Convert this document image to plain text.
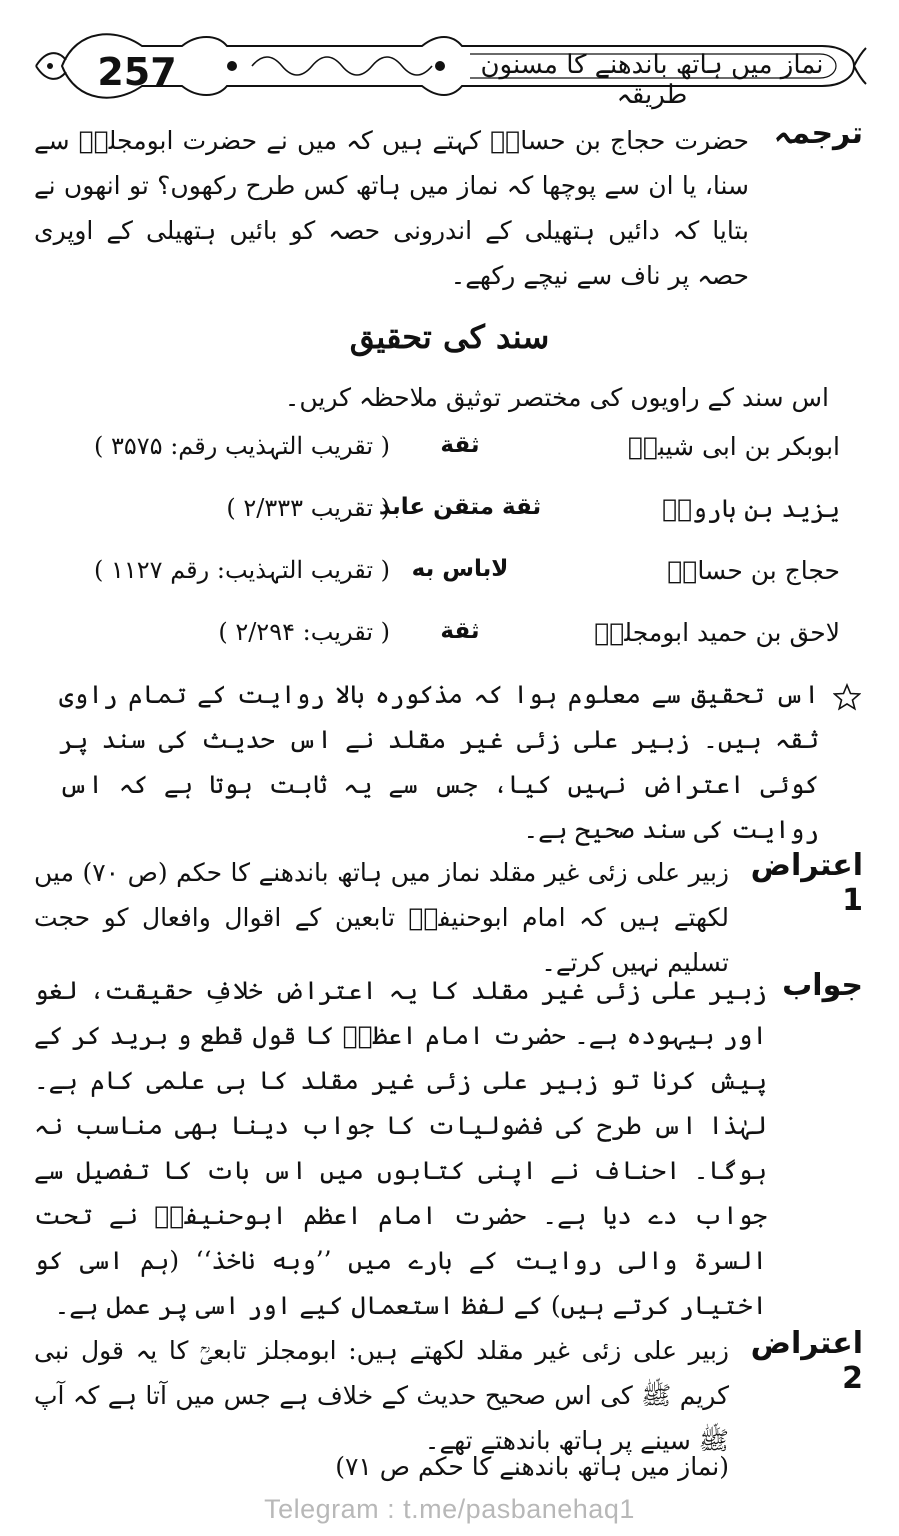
257	نماز میں ہاتھ باندھنے کا مسنون طریقہ
ترجمہ
حضرت حجاج بن حسانؒ کہتے ہیں کہ میں نے حضرت ابومجلزؒ سے سنا، یا ان سے پوچھا کہ نماز میں ہاتھ کس طرح رکھوں؟ تو انھوں نے بتایا کہ دائیں ہتھیلی کے اندرونی حصہ کو بائیں ہتھیلی کے اوپری حصہ پر ناف سے نیچے رکھے۔
سند کی تحقیق
اس سند کے راویوں کی مختصر توثیق ملاحظہ کریں۔
ابوبکر بن ابی شیبہؒ
ثقة
( تقریب التہذیب رقم: ۳۵۷۵ )
یزید بن ہارونؒ
ثقة متقن عابد
( تقریب ۲/۳۳۳ )
حجاج بن حسانؒ
لاباس به
( تقریب التہذیب: رقم ۱۱۲۷ )
لاحق بن حمید ابومجلزؒ
ثقة
( تقریب: ۲/۲۹۴ )
اس تحقیق سے معلوم ہوا کہ مذکورہ بالا روایت کے تمام راوی ثقہ ہیں۔ زبیر علی زئی غیر مقلد نے اس حدیث کی سند پر کوئی اعتراض نہیں کیا، جس سے یہ ثابت ہوتا ہے کہ اس روایت کی سند صحیح ہے۔
اعتراض 1
زبیر علی زئی غیر مقلد نماز میں ہاتھ باندھنے کا حکم (ص ۷۰) میں لکھتے ہیں کہ امام ابوحنیفہؒ تابعین کے اقوال وافعال کو حجت تسلیم نہیں کرتے۔
جواب
زبیر علی زئی غیر مقلد کا یہ اعتراض خلافِ حقیقت، لغو اور بیہودہ ہے۔ حضرت امام اعظمؒ کا قول قطع و برید کر کے پیش کرنا تو زبیر علی زئی غیر مقلد کا ہی علمی کام ہے۔ لہٰذا اس طرح کی فضولیات کا جواب دینا بھی مناسب نہ ہوگا۔ احناف نے اپنی کتابوں میں اس بات کا تفصیل سے جواب دے دیا ہے۔ حضرت امام اعظم ابوحنیفہؒ نے تحت السرة والی روایت کے بارے میں ’’وبه ناخذ‘‘ (ہم اسی کو اختیار کرتے ہیں) کے لفظ استعمال کیے اور اسی پر عمل ہے۔
اعتراض 2
زبیر علی زئی غیر مقلد لکھتے ہیں: ابومجلز تابعیؒ کا یہ قول نبی کریم ﷺ کی اس صحیح حدیث کے خلاف ہے جس میں آتا ہے کہ آپ ﷺ سینے پر ہاتھ باندھتے تھے۔
(نماز میں ہاتھ باندھنے کا حکم ص ۷۱)
Telegram : t.me/pasbanehaq1
